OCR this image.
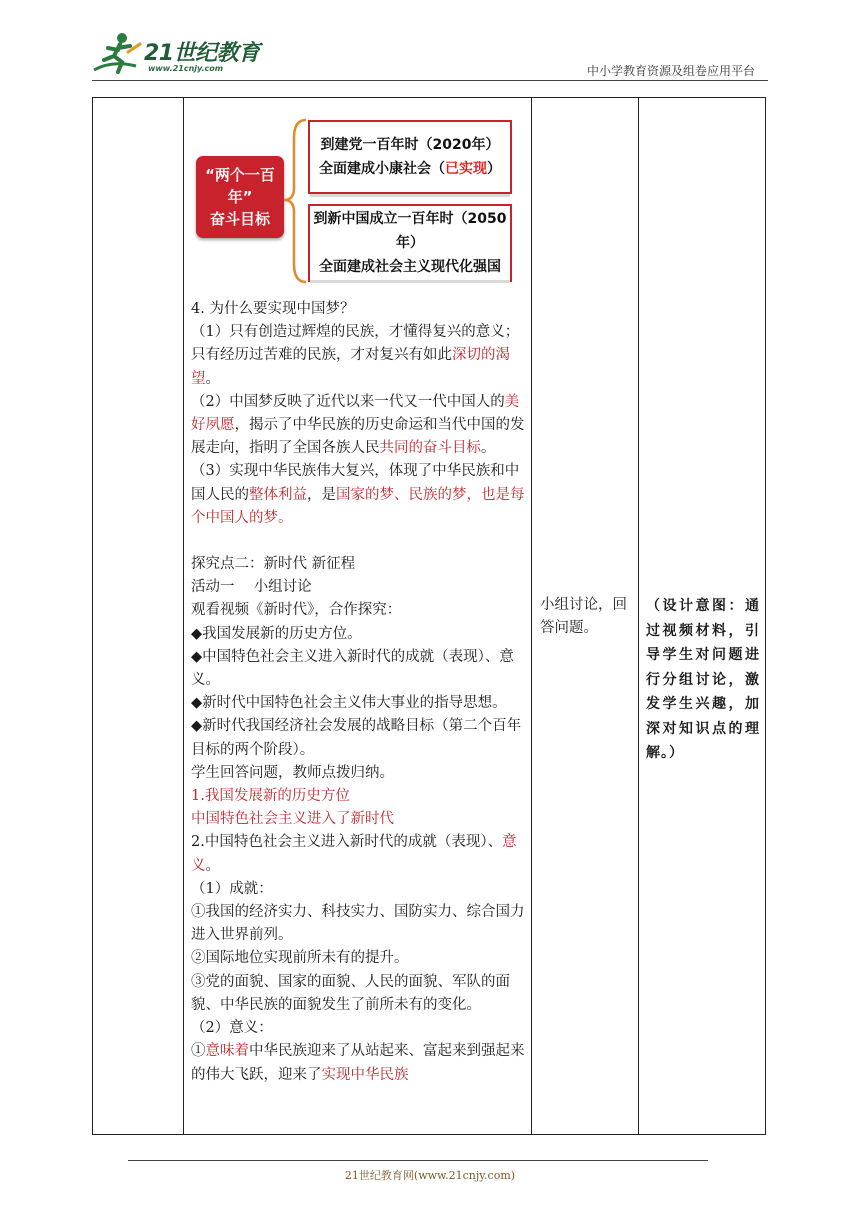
21世纪教育
www.21cnjy.com	中小学教育资源及组卷应用平台
“两个一百年”
奋斗目标
到建党一百年时（2020年）
全面建成小康社会（已实现）
到新中国成立一百年时（2050年）
全面建成社会主义现代化强国

4. 为什么要实现中国梦？

（1）只有创造过辉煌的民族，才懂得复兴的意义；只有经历过苦难的民族，才对复兴有如此深切的渴望。

（2）中国梦反映了近代以来一代又一代中国人的美好夙愿，揭示了中华民族的历史命运和当代中国的发展走向，指明了全国各族人民共同的奋斗目标。

（3）实现中华民族伟大复兴，体现了中华民族和中国人民的整体利益，是国家的梦、民族的梦，也是每个中国人的梦。

探究点二：新时代 新征程

活动一　 小组讨论

观看视频《新时代》，合作探究：

◆我国发展新的历史方位。

◆中国特色社会主义进入新时代的成就（表现）、意义。

◆新时代中国特色社会主义伟大事业的指导思想。

◆新时代我国经济社会发展的战略目标（第二个百年目标的两个阶段）。

学生回答问题，教师点拨归纳。

1.我国发展新的历史方位

中国特色社会主义进入了新时代

2.中国特色社会主义进入新时代的成就（表现）、意义。

（1）成就：

①我国的经济实力、科技实力、国防实力、综合国力进入世界前列。

②国际地位实现前所未有的提升。

③党的面貌、国家的面貌、人民的面貌、军队的面貌、中华民族的面貌发生了前所未有的变化。

（2）意义：

①意味着中华民族迎来了从站起来、富起来到强起来的伟大飞跃，迎来了实现中华民族

小组讨论，回答问题。
（设计意图：通过视频材料，引导学生对问题进行分组讨论，激发学生兴趣，加深对知识点的理解。）
21世纪教育网(www.21cnjy.com)
